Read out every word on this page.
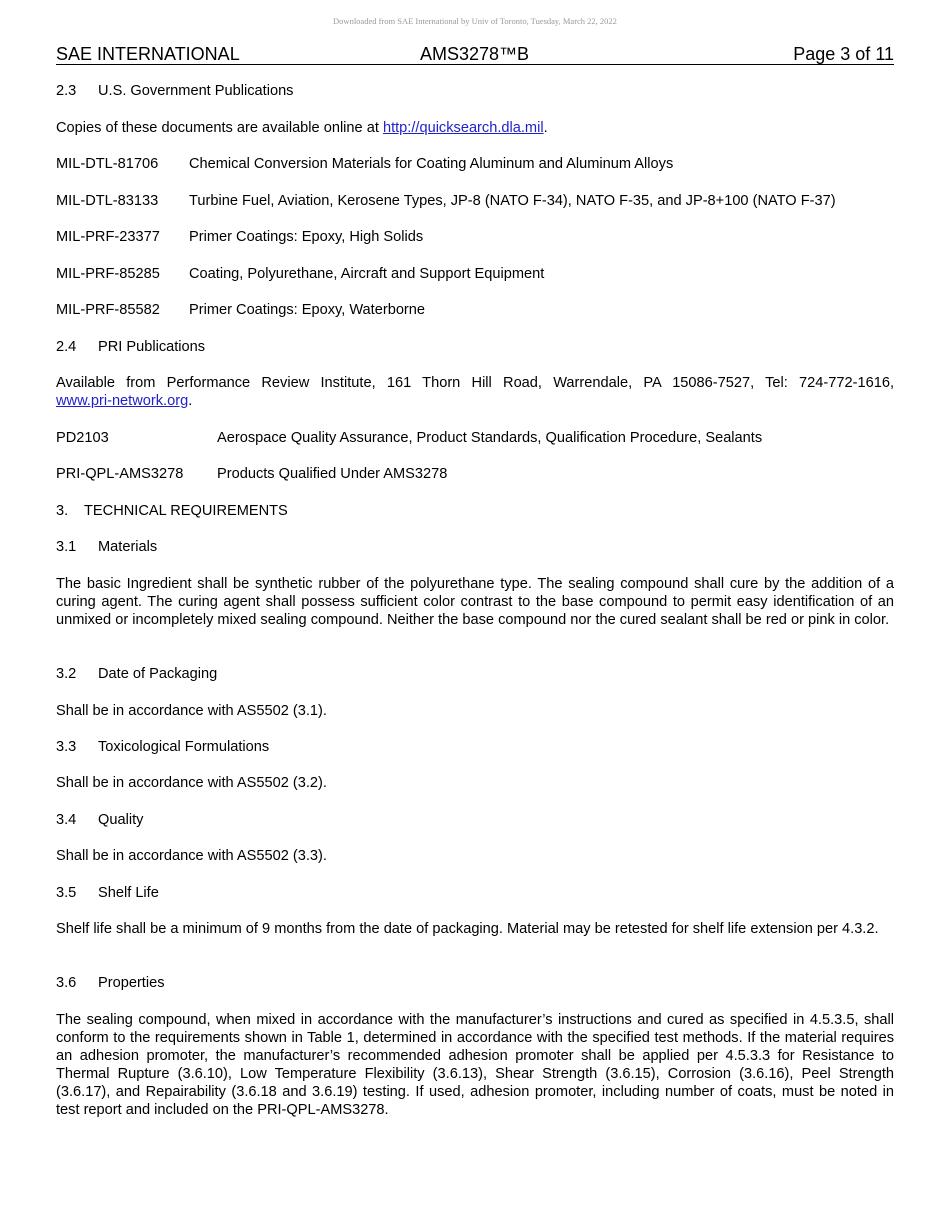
Downloaded from SAE International by Univ of Toronto, Tuesday, March 22, 2022
SAE INTERNATIONAL	AMS3278™B	Page 3 of 11
2.3 U.S. Government Publications
Copies of these documents are available online at http://quicksearch.dla.mil.
MIL-DTL-81706 Chemical Conversion Materials for Coating Aluminum and Aluminum Alloys
MIL-DTL-83133 Turbine Fuel, Aviation, Kerosene Types, JP-8 (NATO F-34), NATO F-35, and JP-8+100 (NATO F-37)
MIL-PRF-23377 Primer Coatings: Epoxy, High Solids
MIL-PRF-85285 Coating, Polyurethane, Aircraft and Support Equipment
MIL-PRF-85582 Primer Coatings: Epoxy, Waterborne
2.4 PRI Publications
Available from Performance Review Institute, 161 Thorn Hill Road, Warrendale, PA 15086-7527, Tel: 724-772-1616,
www.pri-network.org.
PD2103	Aerospace Quality Assurance, Product Standards, Qualification Procedure, Sealants
PRI-QPL-AMS3278 Products Qualified Under AMS3278
3. TECHNICAL REQUIREMENTS
3.1 Materials
The basic Ingredient shall be synthetic rubber of the polyurethane type. The sealing compound shall cure by the addition of a curing agent. The curing agent shall possess sufficient color contrast to the base compound to permit easy identification of an unmixed or incompletely mixed sealing compound. Neither the base compound nor the cured sealant shall be red or pink in color.
3.2 Date of Packaging
Shall be in accordance with AS5502 (3.1).
3.3 Toxicological Formulations
Shall be in accordance with AS5502 (3.2).
3.4 Quality
Shall be in accordance with AS5502 (3.3).
3.5 Shelf Life
Shelf life shall be a minimum of 9 months from the date of packaging. Material may be retested for shelf life extension per 4.3.2.
3.6 Properties
The sealing compound, when mixed in accordance with the manufacturer’s instructions and cured as specified in 4.5.3.5, shall conform to the requirements shown in Table 1, determined in accordance with the specified test methods. If the material requires an adhesion promoter, the manufacturer’s recommended adhesion promoter shall be applied per 4.5.3.3 for Resistance to Thermal Rupture (3.6.10), Low Temperature Flexibility (3.6.13), Shear Strength (3.6.15), Corrosion (3.6.16), Peel Strength (3.6.17), and Repairability (3.6.18 and 3.6.19) testing. If used, adhesion promoter, including number of coats, must be noted in test report and included on the PRI-QPL-AMS3278.
